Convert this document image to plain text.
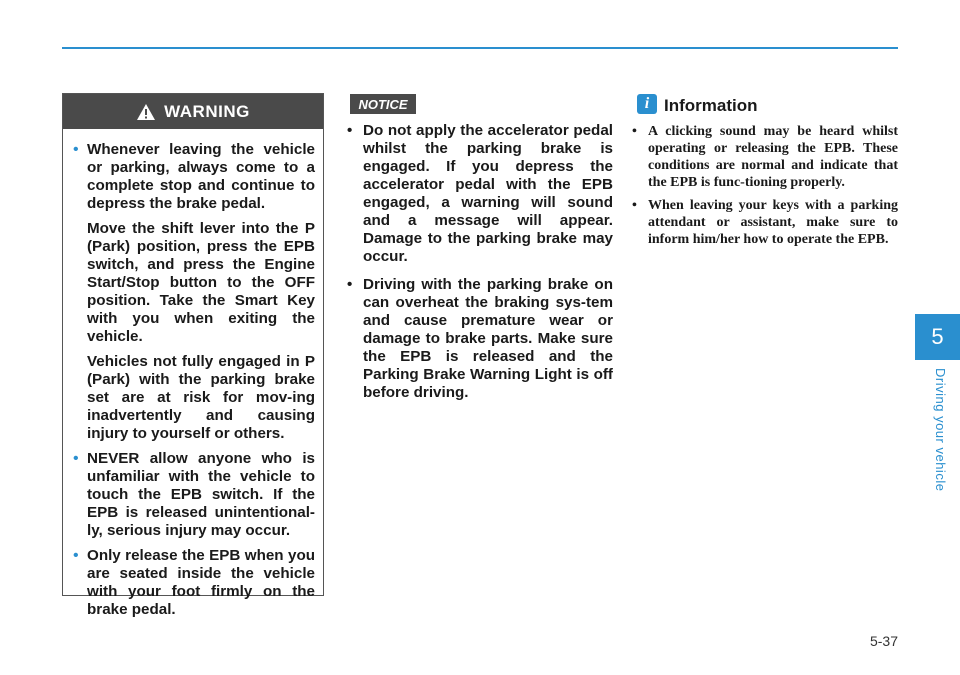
WARNING
• Whenever leaving the vehicle or parking, always come to a complete stop and continue to depress the brake pedal.

Move the shift lever into the P (Park) position, press the EPB switch, and press the Engine Start/Stop button to the OFF position. Take the Smart Key with you when exiting the vehicle.

Vehicles not fully engaged in P (Park) with the parking brake set are at risk for mov-ing inadvertently and causing injury to yourself or others.

• NEVER allow anyone who is unfamiliar with the vehicle to touch the EPB switch. If the EPB is released unintentional-ly, serious injury may occur.

• Only release the EPB when you are seated inside the vehicle with your foot firmly on the brake pedal.

NOTICE
• Do not apply the accelerator pedal whilst the parking brake is engaged. If you depress the accelerator pedal with the EPB engaged, a warning will sound and a message will appear. Damage to the parking brake may occur.

• Driving with the parking brake on can overheat the braking sys-tem and cause premature wear or damage to brake parts. Make sure the EPB is released and the Parking Brake Warning Light is off before driving.

i Information
• A clicking sound may be heard whilst operating or releasing the EPB. These conditions are normal and indicate that the EPB is func-tioning properly.

• When leaving your keys with a parking attendant or assistant, make sure to inform him/her how to operate the EPB.

5
Driving your vehicle
5-37
